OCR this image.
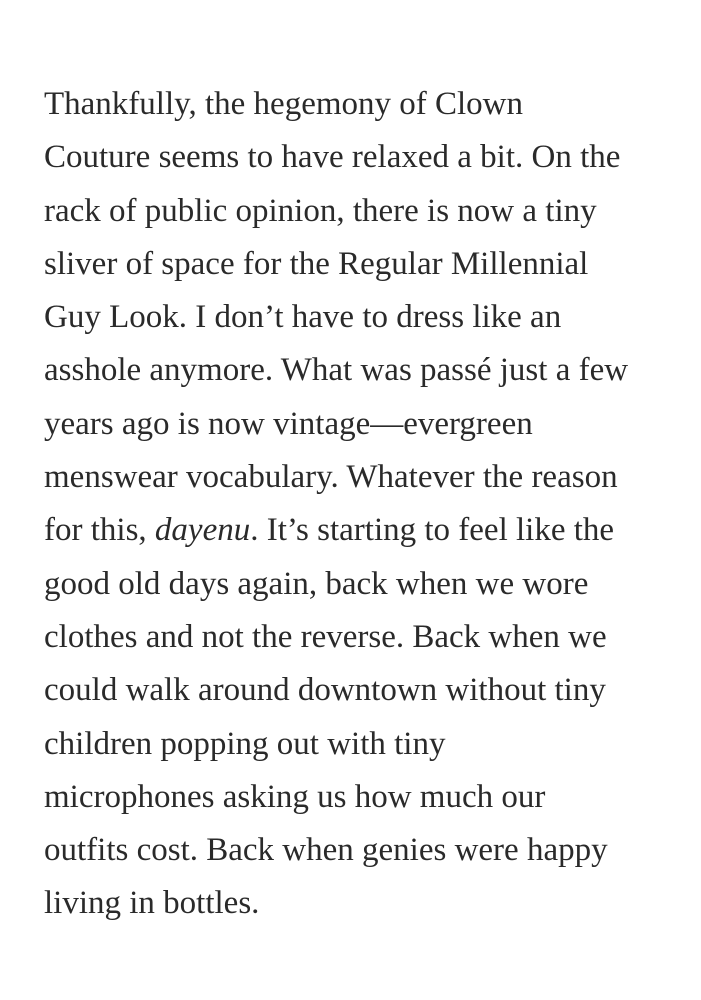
Thankfully, the hegemony of Clown
Couture seems to have relaxed a bit. On the
rack of public opinion, there is now a tiny
sliver of space for the Regular Millennial
Guy Look. I don’t have to dress like an
asshole anymore. What was passé just a few
years ago is now vintage—evergreen
menswear vocabulary. Whatever the reason
for this, dayenu. It’s starting to feel like the
good old days again, back when we wore
clothes and not the reverse. Back when we
could walk around downtown without tiny
children popping out with tiny
microphones asking us how much our
outfits cost. Back when genies were happy
living in bottles.
